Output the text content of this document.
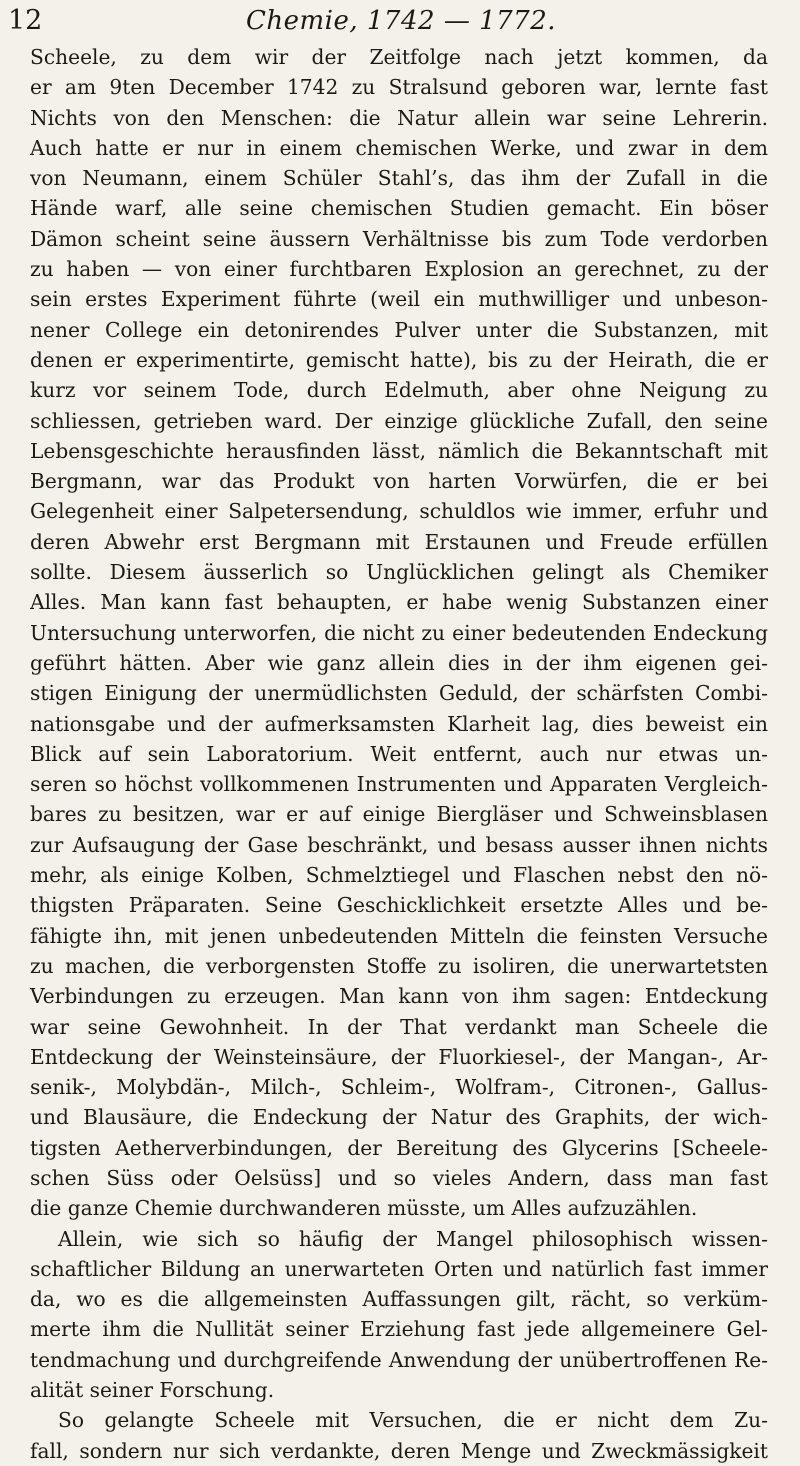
12	Chemie, 1742 — 1772.
Scheele, zu dem wir der Zeitfolge nach jetzt kommen, da
er am 9ten December 1742 zu Stralsund geboren war, lernte fast
Nichts von den Menschen: die Natur allein war seine Lehrerin.
Auch hatte er nur in einem chemischen Werke, und zwar in dem
von Neumann, einem Schüler Stahl’s, das ihm der Zufall in die
Hände warf, alle seine chemischen Studien gemacht. Ein böser
Dämon scheint seine äussern Verhältnisse bis zum Tode verdorben
zu haben — von einer furchtbaren Explosion an gerechnet, zu der
sein erstes Experiment führte (weil ein muthwilliger und unbeson-
nener College ein detonirendes Pulver unter die Substanzen, mit
denen er experimentirte, gemischt hatte), bis zu der Heirath, die er
kurz vor seinem Tode, durch Edelmuth, aber ohne Neigung zu
schliessen, getrieben ward. Der einzige glückliche Zufall, den seine
Lebensgeschichte herausfinden lässt, nämlich die Bekanntschaft mit
Bergmann, war das Produkt von harten Vorwürfen, die er bei
Gelegenheit einer Salpetersendung, schuldlos wie immer, erfuhr und
deren Abwehr erst Bergmann mit Erstaunen und Freude erfüllen
sollte. Diesem äusserlich so Unglücklichen gelingt als Chemiker
Alles. Man kann fast behaupten, er habe wenig Substanzen einer
Untersuchung unterworfen, die nicht zu einer bedeutenden Endeckung
geführt hätten. Aber wie ganz allein dies in der ihm eigenen gei-
stigen Einigung der unermüdlichsten Geduld, der schärfsten Combi-
nationsgabe und der aufmerksamsten Klarheit lag, dies beweist ein
Blick auf sein Laboratorium. Weit entfernt, auch nur etwas un-
seren so höchst vollkommenen Instrumenten und Apparaten Vergleich-
bares zu besitzen, war er auf einige Biergläser und Schweinsblasen
zur Aufsaugung der Gase beschränkt, und besass ausser ihnen nichts
mehr, als einige Kolben, Schmelztiegel und Flaschen nebst den nö-
thigsten Präparaten. Seine Geschicklichkeit ersetzte Alles und be-
fähigte ihn, mit jenen unbedeutenden Mitteln die feinsten Versuche
zu machen, die verborgensten Stoffe zu isoliren, die unerwartetsten
Verbindungen zu erzeugen. Man kann von ihm sagen: Entdeckung
war seine Gewohnheit. In der That verdankt man Scheele die
Entdeckung der Weinsteinsäure, der Fluorkiesel-, der Mangan-, Ar-
senik-, Molybdän-, Milch-, Schleim-, Wolfram-, Citronen-, Gallus-
und Blausäure, die Endeckung der Natur des Graphits, der wich-
tigsten Aetherverbindungen, der Bereitung des Glycerins [Scheele-
schen Süss oder Oelsüss] und so vieles Andern, dass man fast
die ganze Chemie durchwanderen müsste, um Alles aufzuzählen.
Allein, wie sich so häufig der Mangel philosophisch wissen-
schaftlicher Bildung an unerwarteten Orten und natürlich fast immer
da, wo es die allgemeinsten Auffassungen gilt, rächt, so verküm-
merte ihm die Nullität seiner Erziehung fast jede allgemeinere Gel-
tendmachung und durchgreifende Anwendung der unübertroffenen Re-
alität seiner Forschung.
So gelangte Scheele mit Versuchen, die er nicht dem Zu-
fall, sondern nur sich verdankte, deren Menge und Zweckmässigkeit
